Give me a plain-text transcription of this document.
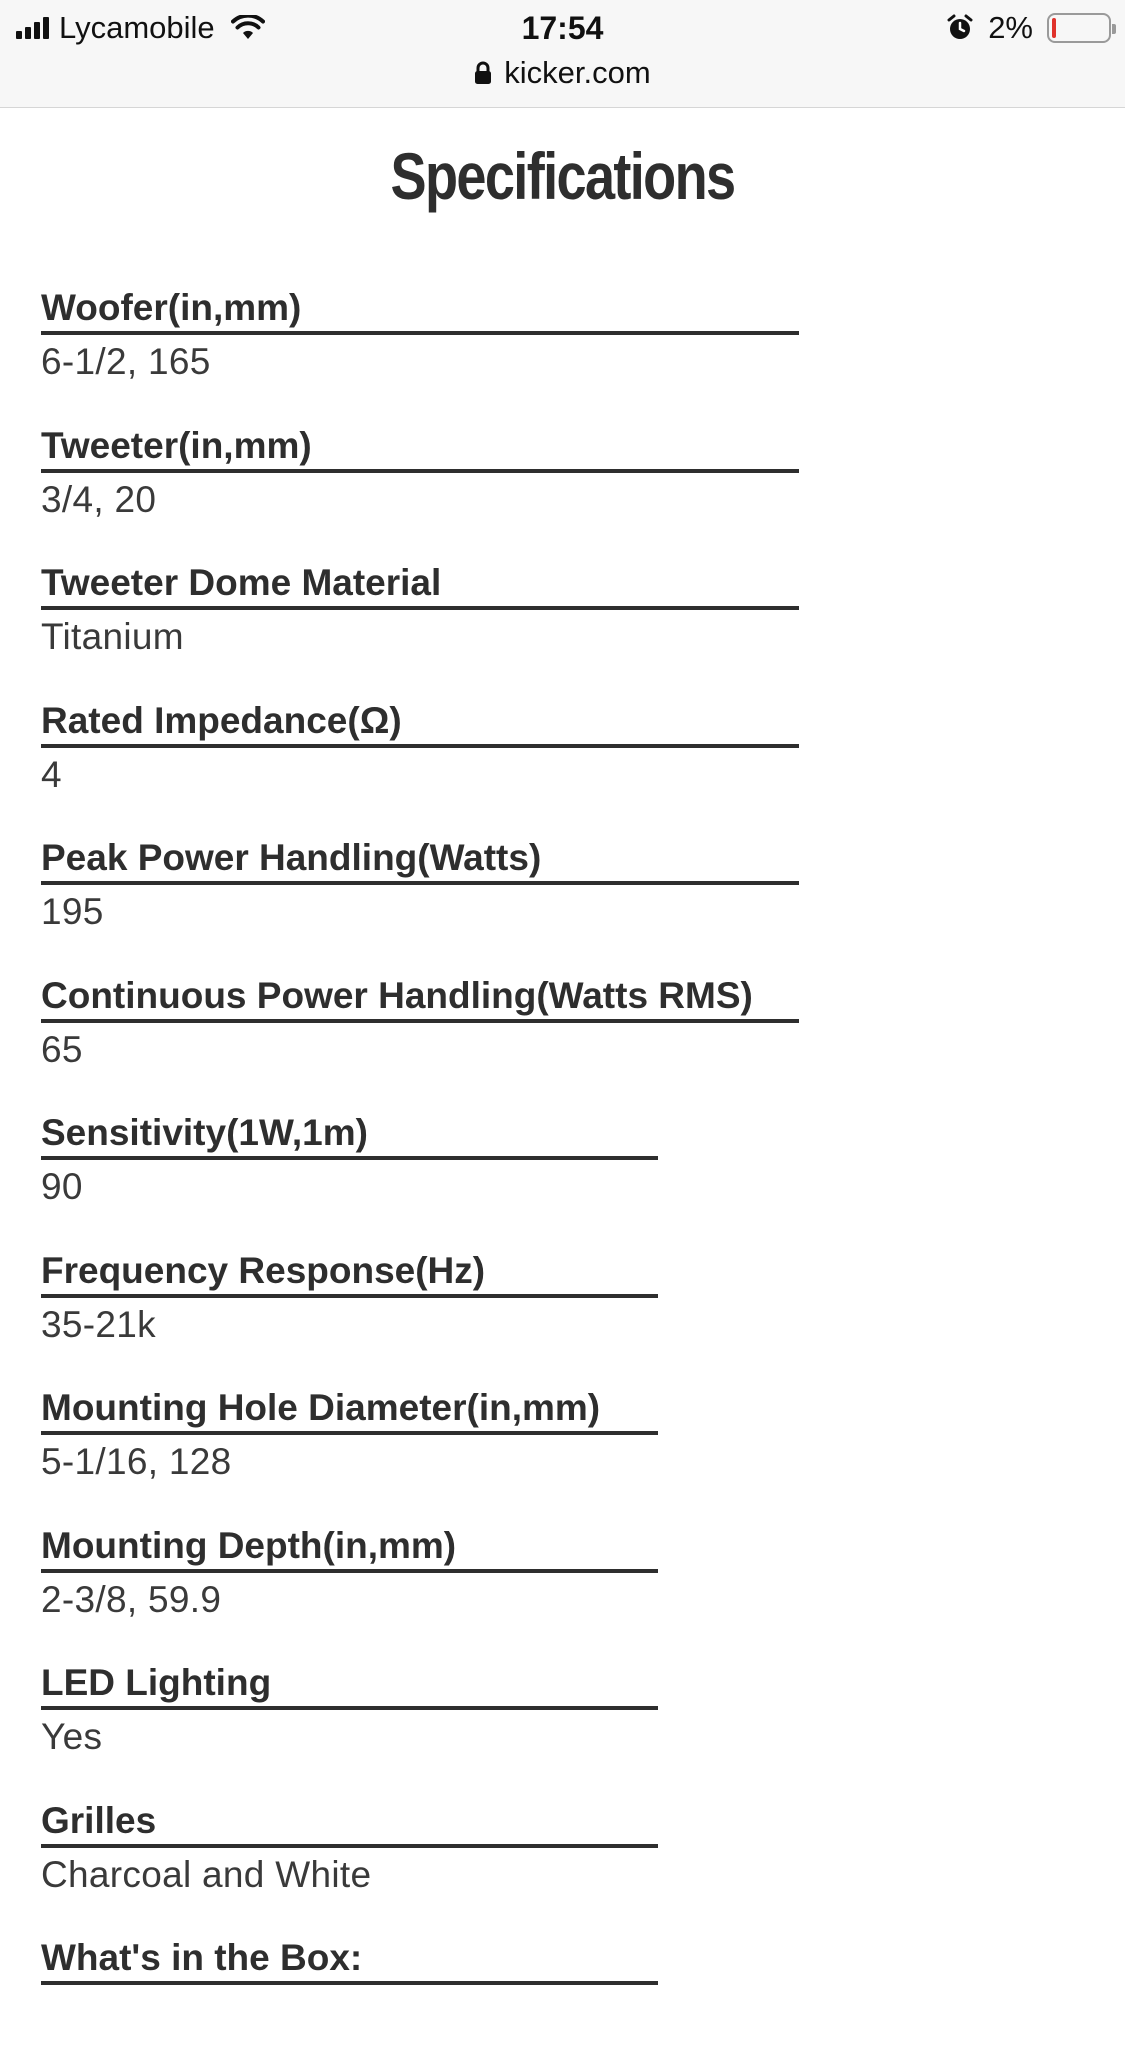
Lycamobile	17:54	2%
kicker.com
Specifications
Woofer(in,mm)
6-1/2, 165
Tweeter(in,mm)
3/4, 20
Tweeter Dome Material
Titanium
Rated Impedance(Ω)
4
Peak Power Handling(Watts)
195
Continuous Power Handling(Watts RMS)
65
Sensitivity(1W,1m)
90
Frequency Response(Hz)
35-21k
Mounting Hole Diameter(in,mm)
5-1/16, 128
Mounting Depth(in,mm)
2-3/8, 59.9
LED Lighting
Yes
Grilles
Charcoal and White
What's in the Box:
